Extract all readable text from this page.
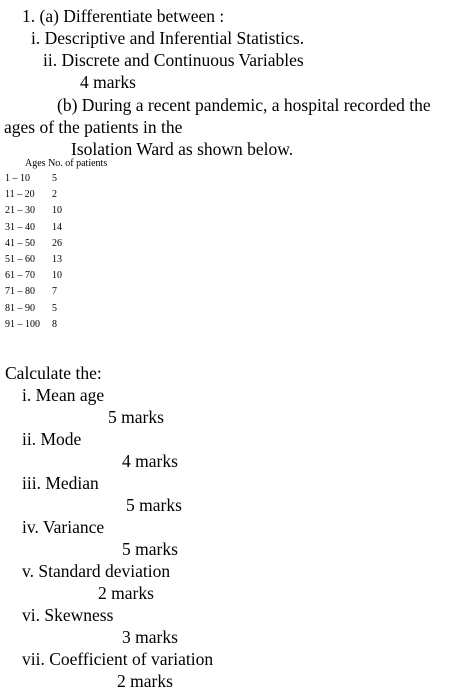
1. (a) Differentiate between :
i. Descriptive and Inferential Statistics.
ii. Discrete and Continuous Variables
4 marks
(b) During a recent pandemic, a hospital recorded the
ages of the patients in the
Isolation Ward as shown below.
Ages No. of patients
1 – 10 5
11 – 20 2
21 – 30 10
31 – 40 14
41 – 50 26
51 – 60 13
61 – 70 10
71 – 80 7
81 – 90 5
91 – 100 8
Calculate the:
i. Mean age
5 marks
ii. Mode
4 marks
iii. Median
5 marks
iv. Variance
5 marks
v. Standard deviation
2 marks
vi. Skewness
3 marks
vii. Coefficient of variation
2 marks
